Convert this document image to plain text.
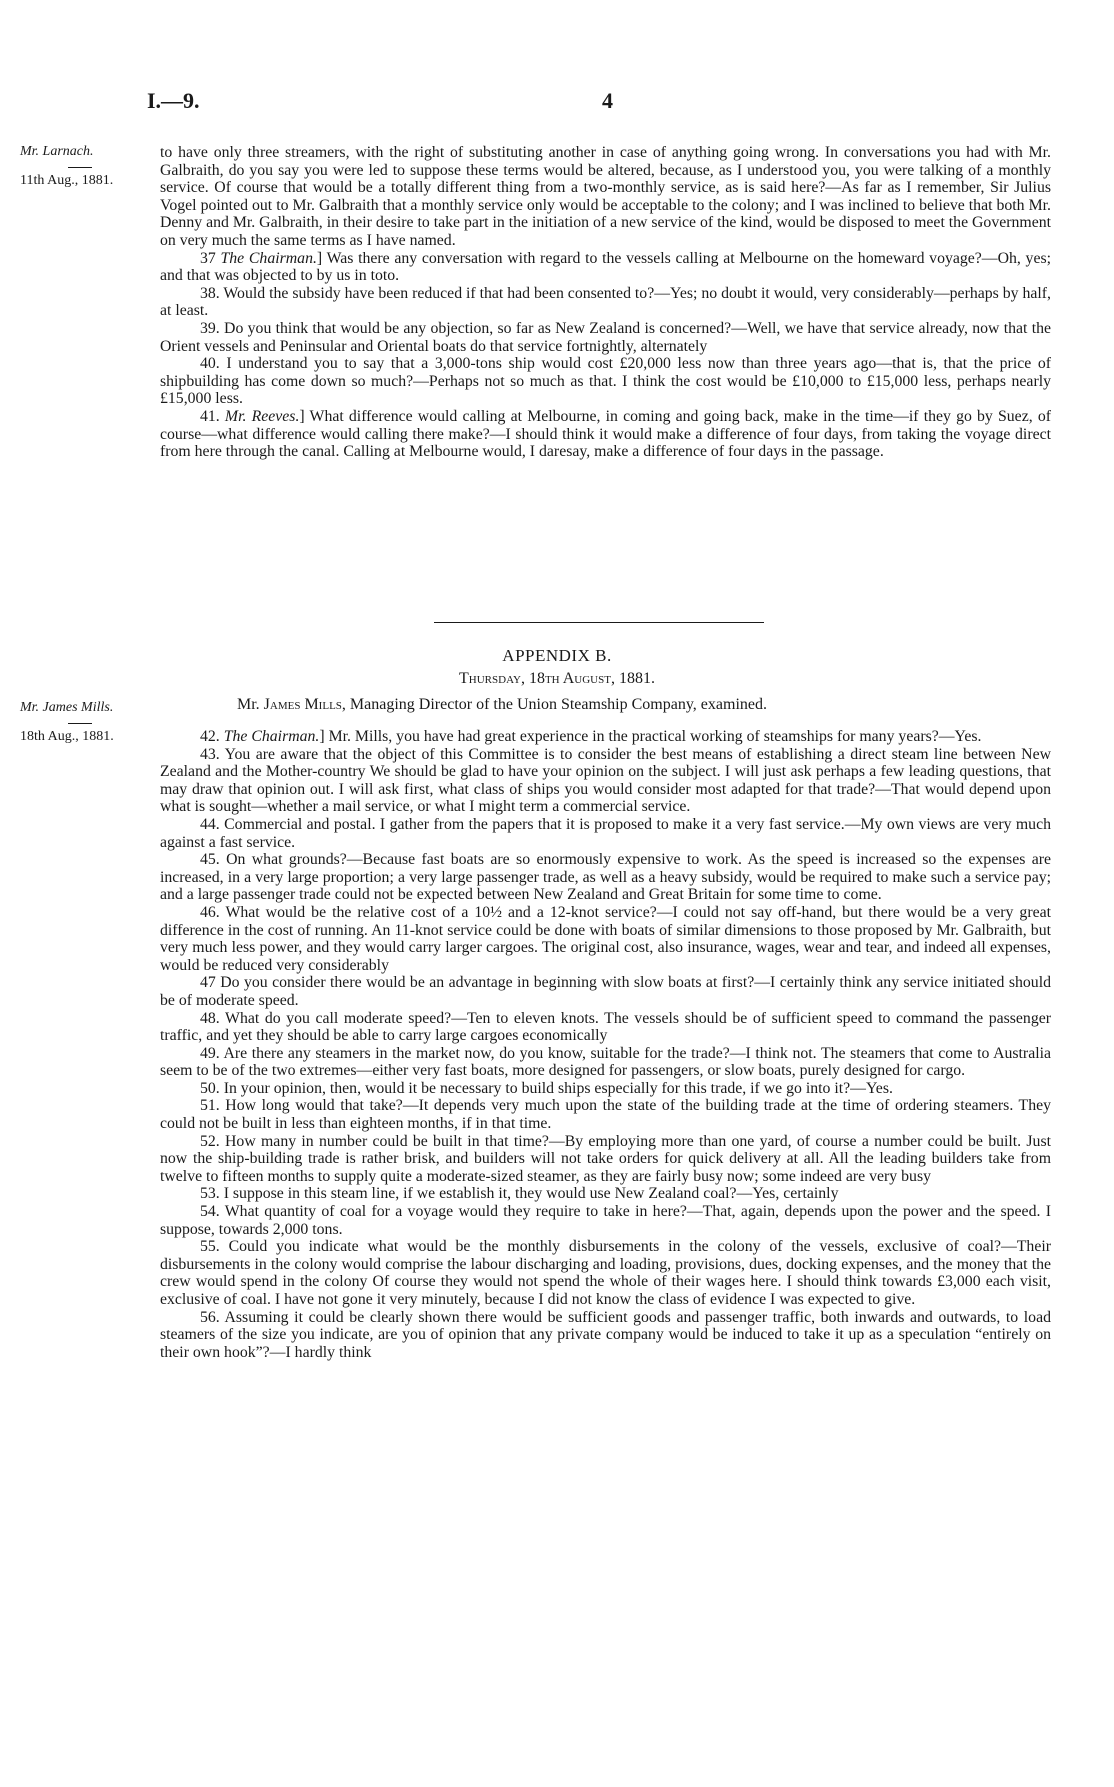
I.—9.	4
Mr. Larnach.
11th Aug., 1881.

to have only three streamers, with the right of substituting another in case of anything going wrong. In conversations you had with Mr. Galbraith, do you say you were led to suppose these terms would be altered, because, as I understood you, you were talking of a monthly service. Of course that would be a totally different thing from a two-monthly service, as is said here?—As far as I remember, Sir Julius Vogel pointed out to Mr. Galbraith that a monthly service only would be acceptable to the colony; and I was inclined to believe that both Mr. Denny and Mr. Galbraith, in their desire to take part in the initiation of a new service of the kind, would be disposed to meet the Government on very much the same terms as I have named.

37 The Chairman.] Was there any conversation with regard to the vessels calling at Melbourne on the homeward voyage?—Oh, yes; and that was objected to by us in toto.

38. Would the subsidy have been reduced if that had been consented to?—Yes; no doubt it would, very considerably—perhaps by half, at least.

39. Do you think that would be any objection, so far as New Zealand is concerned?—Well, we have that service already, now that the Orient vessels and Peninsular and Oriental boats do that service fortnightly, alternately

40. I understand you to say that a 3,000-tons ship would cost £20,000 less now than three years ago—that is, that the price of shipbuilding has come down so much?—Perhaps not so much as that. I think the cost would be £10,000 to £15,000 less, perhaps nearly £15,000 less.

41. Mr. Reeves.] What difference would calling at Melbourne, in coming and going back, make in the time—if they go by Suez, of course—what difference would calling there make?—I should think it would make a difference of four days, from taking the voyage direct from here through the canal. Calling at Melbourne would, I daresay, make a difference of four days in the passage.

APPENDIX B.
Thursday, 18th August, 1881.
Mr. James Mills.
18th Aug., 1881.
Mr. James Mills, Managing Director of the Union Steamship Company, examined.

42. The Chairman.] Mr. Mills, you have had great experience in the practical working of steamships for many years?—Yes.

43. You are aware that the object of this Committee is to consider the best means of establishing a direct steam line between New Zealand and the Mother-country We should be glad to have your opinion on the subject. I will just ask perhaps a few leading questions, that may draw that opinion out. I will ask first, what class of ships you would consider most adapted for that trade?—That would depend upon what is sought—whether a mail service, or what I might term a commercial service.

44. Commercial and postal. I gather from the papers that it is proposed to make it a very fast service.—My own views are very much against a fast service.

45. On what grounds?—Because fast boats are so enormously expensive to work. As the speed is increased so the expenses are increased, in a very large proportion; a very large passenger trade, as well as a heavy subsidy, would be required to make such a service pay; and a large passenger trade could not be expected between New Zealand and Great Britain for some time to come.

46. What would be the relative cost of a 10½ and a 12-knot service?—I could not say off-hand, but there would be a very great difference in the cost of running. An 11-knot service could be done with boats of similar dimensions to those proposed by Mr. Galbraith, but very much less power, and they would carry larger cargoes. The original cost, also insurance, wages, wear and tear, and indeed all expenses, would be reduced very considerably

47 Do you consider there would be an advantage in beginning with slow boats at first?—I certainly think any service initiated should be of moderate speed.

48. What do you call moderate speed?—Ten to eleven knots. The vessels should be of sufficient speed to command the passenger traffic, and yet they should be able to carry large cargoes economically

49. Are there any steamers in the market now, do you know, suitable for the trade?—I think not. The steamers that come to Australia seem to be of the two extremes—either very fast boats, more designed for passengers, or slow boats, purely designed for cargo.

50. In your opinion, then, would it be necessary to build ships especially for this trade, if we go into it?—Yes.

51. How long would that take?—It depends very much upon the state of the building trade at the time of ordering steamers. They could not be built in less than eighteen months, if in that time.

52. How many in number could be built in that time?—By employing more than one yard, of course a number could be built. Just now the ship-building trade is rather brisk, and builders will not take orders for quick delivery at all. All the leading builders take from twelve to fifteen months to supply quite a moderate-sized steamer, as they are fairly busy now; some indeed are very busy

53. I suppose in this steam line, if we establish it, they would use New Zealand coal?—Yes, certainly

54. What quantity of coal for a voyage would they require to take in here?—That, again, depends upon the power and the speed. I suppose, towards 2,000 tons.

55. Could you indicate what would be the monthly disbursements in the colony of the vessels, exclusive of coal?—Their disbursements in the colony would comprise the labour discharging and loading, provisions, dues, docking expenses, and the money that the crew would spend in the colony Of course they would not spend the whole of their wages here. I should think towards £3,000 each visit, exclusive of coal. I have not gone it very minutely, because I did not know the class of evidence I was expected to give.

56. Assuming it could be clearly shown there would be sufficient goods and passenger traffic, both inwards and outwards, to load steamers of the size you indicate, are you of opinion that any private company would be induced to take it up as a speculation “entirely on their own hook”?—I hardly think
